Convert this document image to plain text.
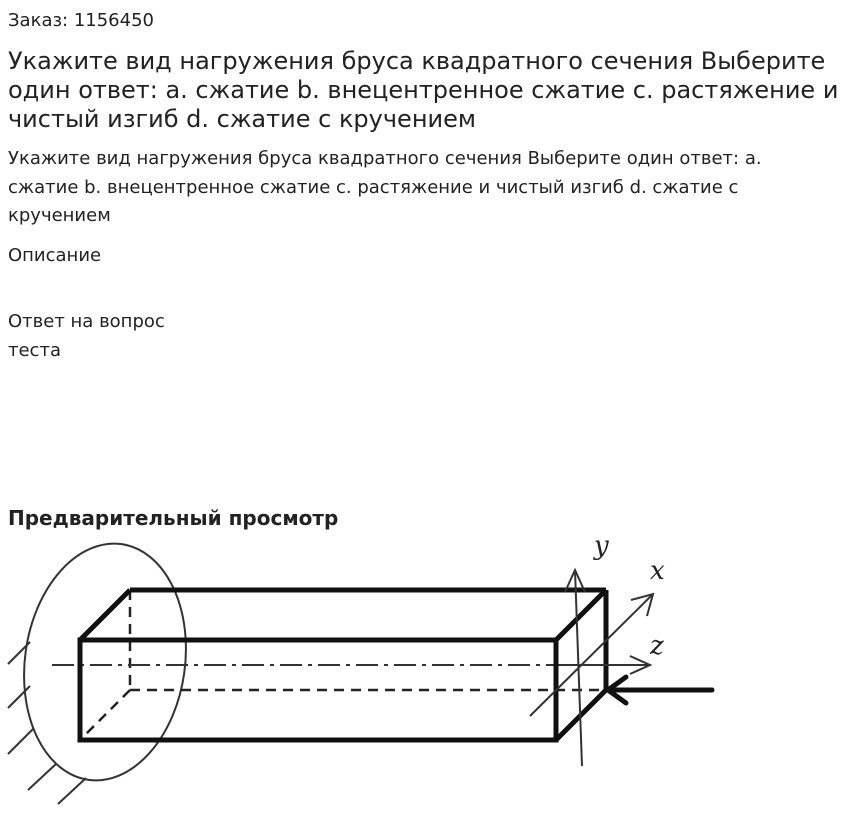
Заказ: 1156450
Укажите вид нагружения бруса квадратного сечения Выберите один ответ: a. сжатие b. внецентренное сжатие c. растяжение и чистый изгиб d. сжатие с кручением
Укажите вид нагружения бруса квадратного сечения Выберите один ответ: a. сжатие b. внецентренное сжатие c. растяжение и чистый изгиб d. сжатие с кручением
Описание
Ответ на вопрос теста
Предварительный просмотр
y
x
z
